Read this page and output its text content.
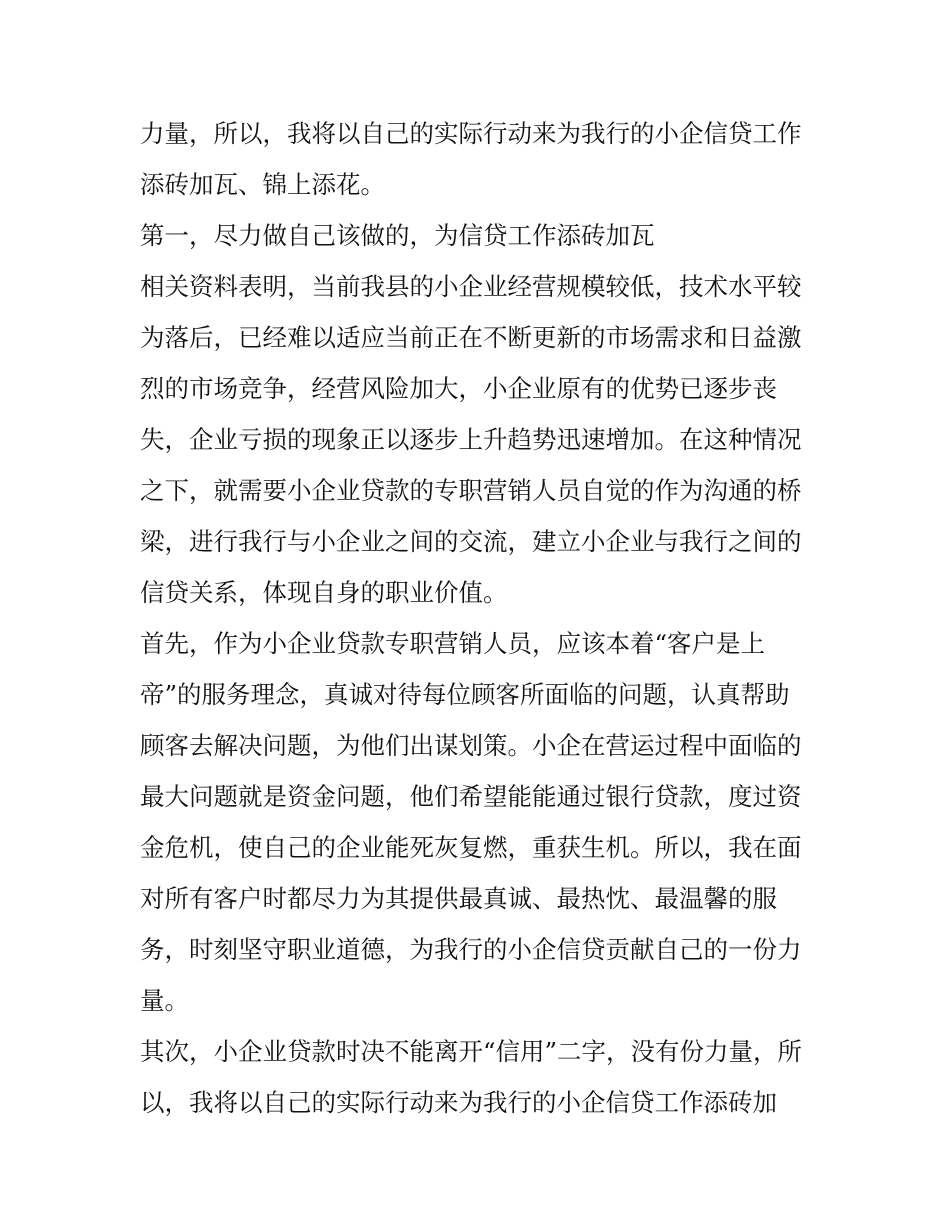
力量，所以，我将以自己的实际行动来为我行的小企信贷工作
添砖加瓦、锦上添花。
第一，尽力做自己该做的，为信贷工作添砖加瓦
相关资料表明，当前我县的小企业经营规模较低，技术水平较
为落后，已经难以适应当前正在不断更新的市场需求和日益激
烈的市场竞争，经营风险加大，小企业原有的优势已逐步丧
失，企业亏损的现象正以逐步上升趋势迅速增加。在这种情况
之下，就需要小企业贷款的专职营销人员自觉的作为沟通的桥
梁，进行我行与小企业之间的交流，建立小企业与我行之间的
信贷关系，体现自身的职业价值。
首先，作为小企业贷款专职营销人员，应该本着“客户是上
帝”的服务理念，真诚对待每位顾客所面临的问题，认真帮助
顾客去解决问题，为他们出谋划策。小企在营运过程中面临的
最大问题就是资金问题，他们希望能能通过银行贷款，度过资
金危机，使自己的企业能死灰复燃，重获生机。所以，我在面
对所有客户时都尽力为其提供最真诚、最热忱、最温馨的服
务，时刻坚守职业道德，为我行的小企信贷贡献自己的一份力
量。
其次，小企业贷款时决不能离开“信用”二字，没有份力量，所
以，我将以自己的实际行动来为我行的小企信贷工作添砖加
